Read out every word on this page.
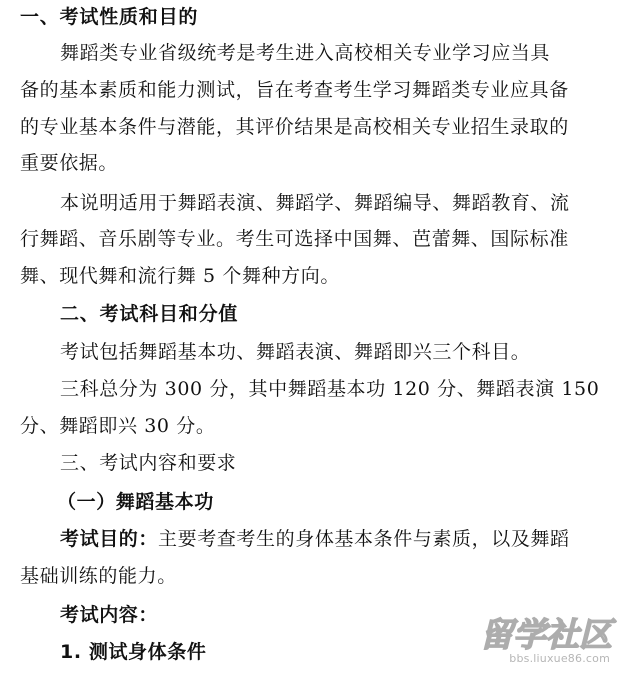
一、考试性质和目的
舞蹈类专业省级统考是考生进入高校相关专业学习应当具
备的基本素质和能力测试，旨在考查考生学习舞蹈类专业应具备
的专业基本条件与潜能，其评价结果是高校相关专业招生录取的
重要依据。
本说明适用于舞蹈表演、舞蹈学、舞蹈编导、舞蹈教育、流
行舞蹈、音乐剧等专业。考生可选择中国舞、芭蕾舞、国际标准
舞、现代舞和流行舞 5 个舞种方向。
二、考试科目和分值
考试包括舞蹈基本功、舞蹈表演、舞蹈即兴三个科目。
三科总分为 300 分，其中舞蹈基本功 120 分、舞蹈表演 150
分、舞蹈即兴 30 分。
三、考试内容和要求
（一）舞蹈基本功
考试目的：主要考查考生的身体基本条件与素质，以及舞蹈
基础训练的能力。
考试内容：
1. 测试身体条件	留学社区
bbs.liuxue86.com
